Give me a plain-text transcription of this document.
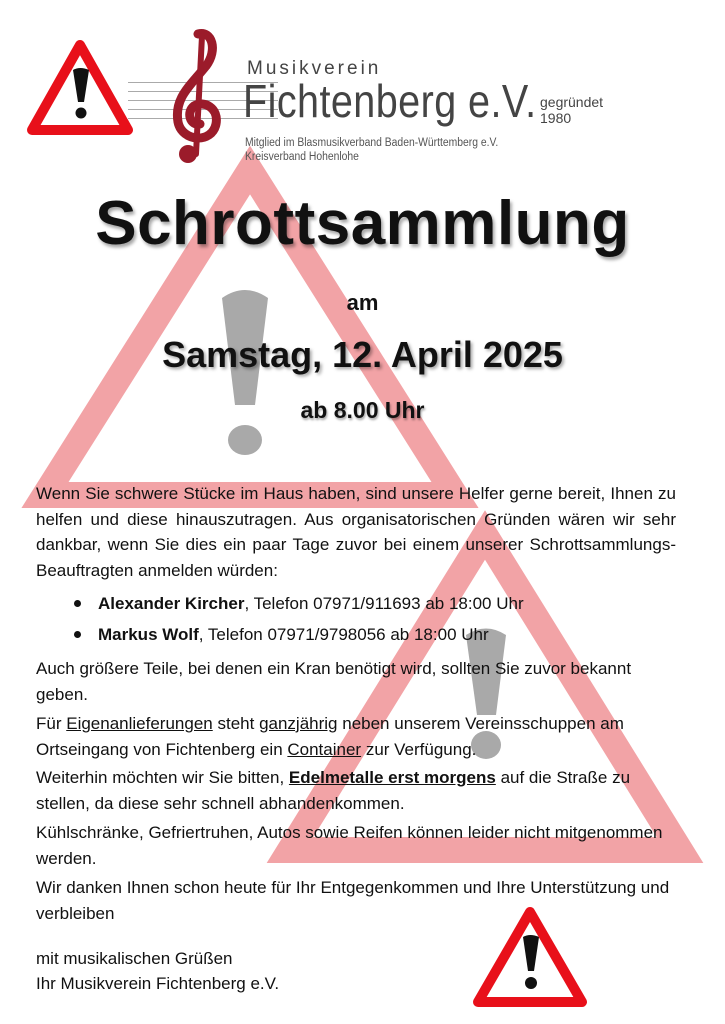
Musikverein
Fichtenberg e.V. gegründet
1980
Mitglied im Blasmusikverband Baden-Württemberg e.V.
Kreisverband Hohenlohe
Schrottsammlung
am
Samstag, 12. April 2025
ab 8.00 Uhr
Wenn Sie schwere Stücke im Haus haben, sind unsere Helfer gerne bereit, Ihnen zu helfen und diese hinauszutragen. Aus organisatorischen Gründen wären wir sehr dankbar, wenn Sie dies ein paar Tage zuvor bei einem unserer Schrottsammlungs-Beauftragten anmelden würden:
Alexander Kircher, Telefon 07971/911693 ab 18:00 Uhr
Markus Wolf, Telefon 07971/9798056 ab 18:00 Uhr
Auch größere Teile, bei denen ein Kran benötigt wird, sollten Sie zuvor bekannt geben.
Für Eigenanlieferungen steht ganzjährig neben unserem Vereinsschuppen am Ortseingang von Fichtenberg ein Container zur Verfügung.
Weiterhin möchten wir Sie bitten, Edelmetalle erst morgens auf die Straße zu stellen, da diese sehr schnell abhandenkommen.
Kühlschränke, Gefriertruhen, Autos sowie Reifen können leider nicht mitgenommen werden.
Wir danken Ihnen schon heute für Ihr Entgegenkommen und Ihre Unterstützung und verbleiben
mit musikalischen Grüßen
Ihr Musikverein Fichtenberg e.V.
